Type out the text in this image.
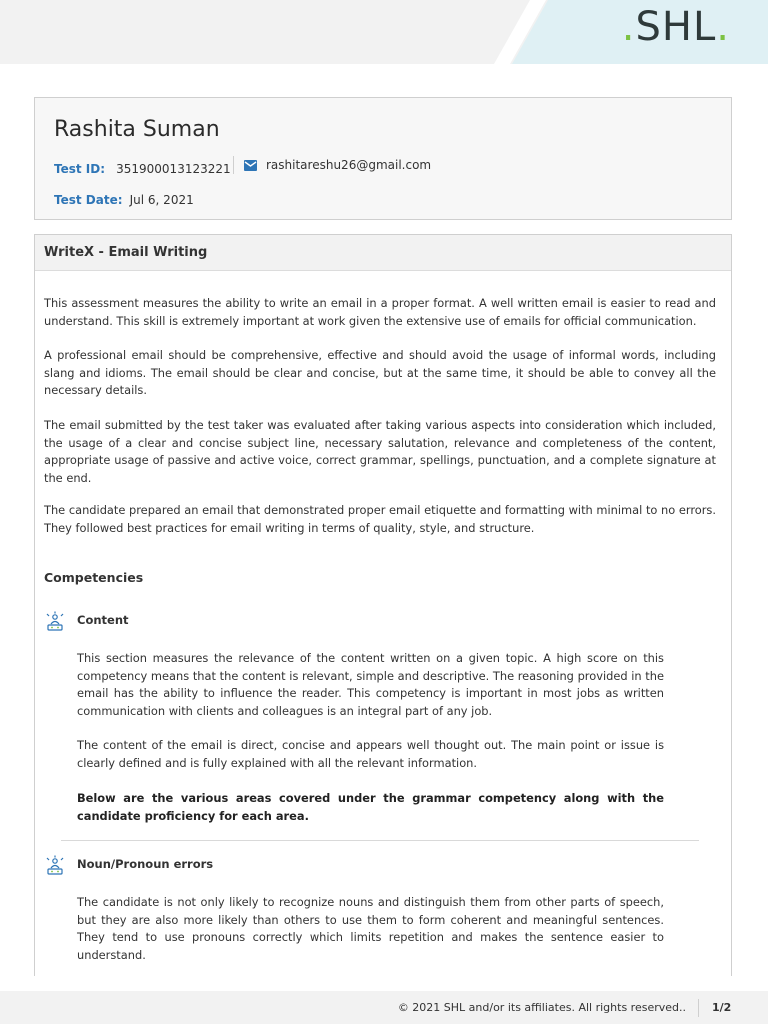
.SHL.
Rashita Suman
Test ID: 351900013123221	rashitareshu26@gmail.com
Test Date: Jul 6, 2021
WriteX - Email Writing

This assessment measures the ability to write an email in a proper format. A well written email is easier to read and understand. This skill is extremely important at work given the extensive use of emails for official communication.

A professional email should be comprehensive, effective and should avoid the usage of informal words, including slang and idioms. The email should be clear and concise, but at the same time, it should be able to convey all the necessary details.

The email submitted by the test taker was evaluated after taking various aspects into consideration which included, the usage of a clear and concise subject line, necessary salutation, relevance and completeness of the content, appropriate usage of passive and active voice, correct grammar, spellings, punctuation, and a complete signature at the end.

The candidate prepared an email that demonstrated proper email etiquette and formatting with minimal to no errors. They followed best practices for email writing in terms of quality, style, and structure.

Competencies
Content

This section measures the relevance of the content written on a given topic. A high score on this competency means that the content is relevant, simple and descriptive. The reasoning provided in the email has the ability to influence the reader. This competency is important in most jobs as written communication with clients and colleagues is an integral part of any job.

The content of the email is direct, concise and appears well thought out. The main point or issue is clearly defined and is fully explained with all the relevant information.

Below are the various areas covered under the grammar competency along with the candidate proficiency for each area.

Noun/Pronoun errors

The candidate is not only likely to recognize nouns and distinguish them from other parts of speech, but they are also more likely than others to use them to form coherent and meaningful sentences. They tend to use pronouns correctly which limits repetition and makes the sentence easier to understand.

© 2021 SHL and/or its affiliates. All rights reserved.. 1/2
